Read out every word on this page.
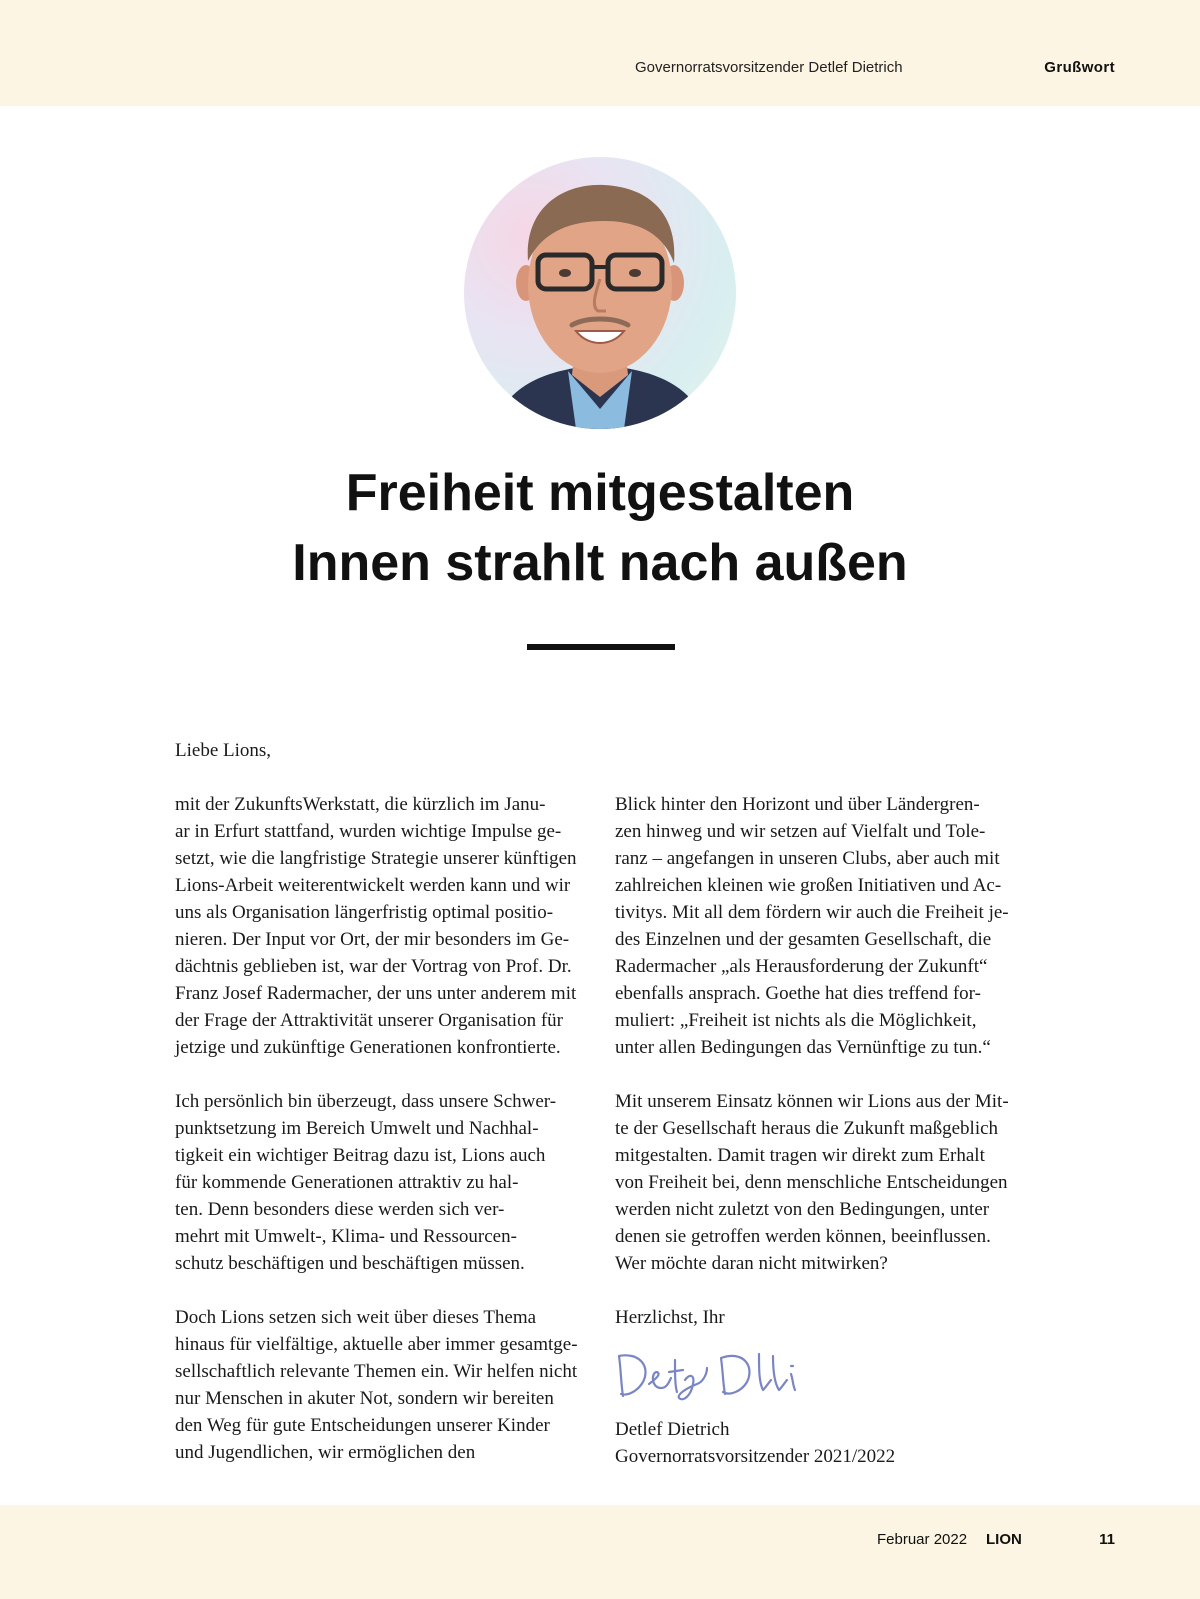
Governorratsvorsitzender Detlef Dietrich	Grußwort
Freiheit mitgestalten
Innen strahlt nach außen
Liebe Lions,

mit der ZukunftsWerkstatt, die kürzlich im Janu-
ar in Erfurt stattfand, wurden wichtige Impulse ge-
setzt, wie die langfristige Strategie unserer künftigen
Lions-Arbeit weiterentwickelt werden kann und wir
uns als Organisation längerfristig optimal positio-
nieren. Der Input vor Ort, der mir besonders im Ge-
dächtnis geblieben ist, war der Vortrag von Prof. Dr.
Franz Josef Radermacher, der uns unter anderem mit
der Frage der Attraktivität unserer Organisation für
jetzige und zukünftige Generationen konfrontierte.

Ich persönlich bin überzeugt, dass unsere Schwer-
punktsetzung im Bereich Umwelt und Nachhal-
tigkeit ein wichtiger Beitrag dazu ist, Lions auch
für kommende Generationen attraktiv zu hal-
ten. Denn besonders diese werden sich ver-
mehrt mit Umwelt-, Klima- und Ressourcen-
schutz beschäftigen und beschäftigen müssen.

Doch Lions setzen sich weit über dieses Thema
hinaus für vielfältige, aktuelle aber immer gesamtge-
sellschaftlich relevante Themen ein. Wir helfen nicht
nur Menschen in akuter Not, sondern wir bereiten
den Weg für gute Entscheidungen unserer Kinder
und Jugendlichen, wir ermöglichen den

Blick hinter den Horizont und über Ländergren-
zen hinweg und wir setzen auf Vielfalt und Tole-
ranz – angefangen in unseren Clubs, aber auch mit
zahlreichen kleinen wie großen Initiativen und Ac-
tivitys. Mit all dem fördern wir auch die Freiheit je-
des Einzelnen und der gesamten Gesellschaft, die
Radermacher „als Herausforderung der Zukunft“
ebenfalls ansprach. Goethe hat dies treffend for-
muliert: „Freiheit ist nichts als die Möglichkeit,
unter allen Bedingungen das Vernünftige zu tun.“

Mit unserem Einsatz können wir Lions aus der Mit-
te der Gesellschaft heraus die Zukunft maßgeblich
mitgestalten. Damit tragen wir direkt zum Erhalt
von Freiheit bei, denn menschliche Entscheidungen
werden nicht zuletzt von den Bedingungen, unter
denen sie getroffen werden können, beeinflussen.
Wer möchte daran nicht mitwirken?

Herzlichst, Ihr

Detlef Dietrich
Governorratsvorsitzender 2021/2022
Februar 2022 LION	11
